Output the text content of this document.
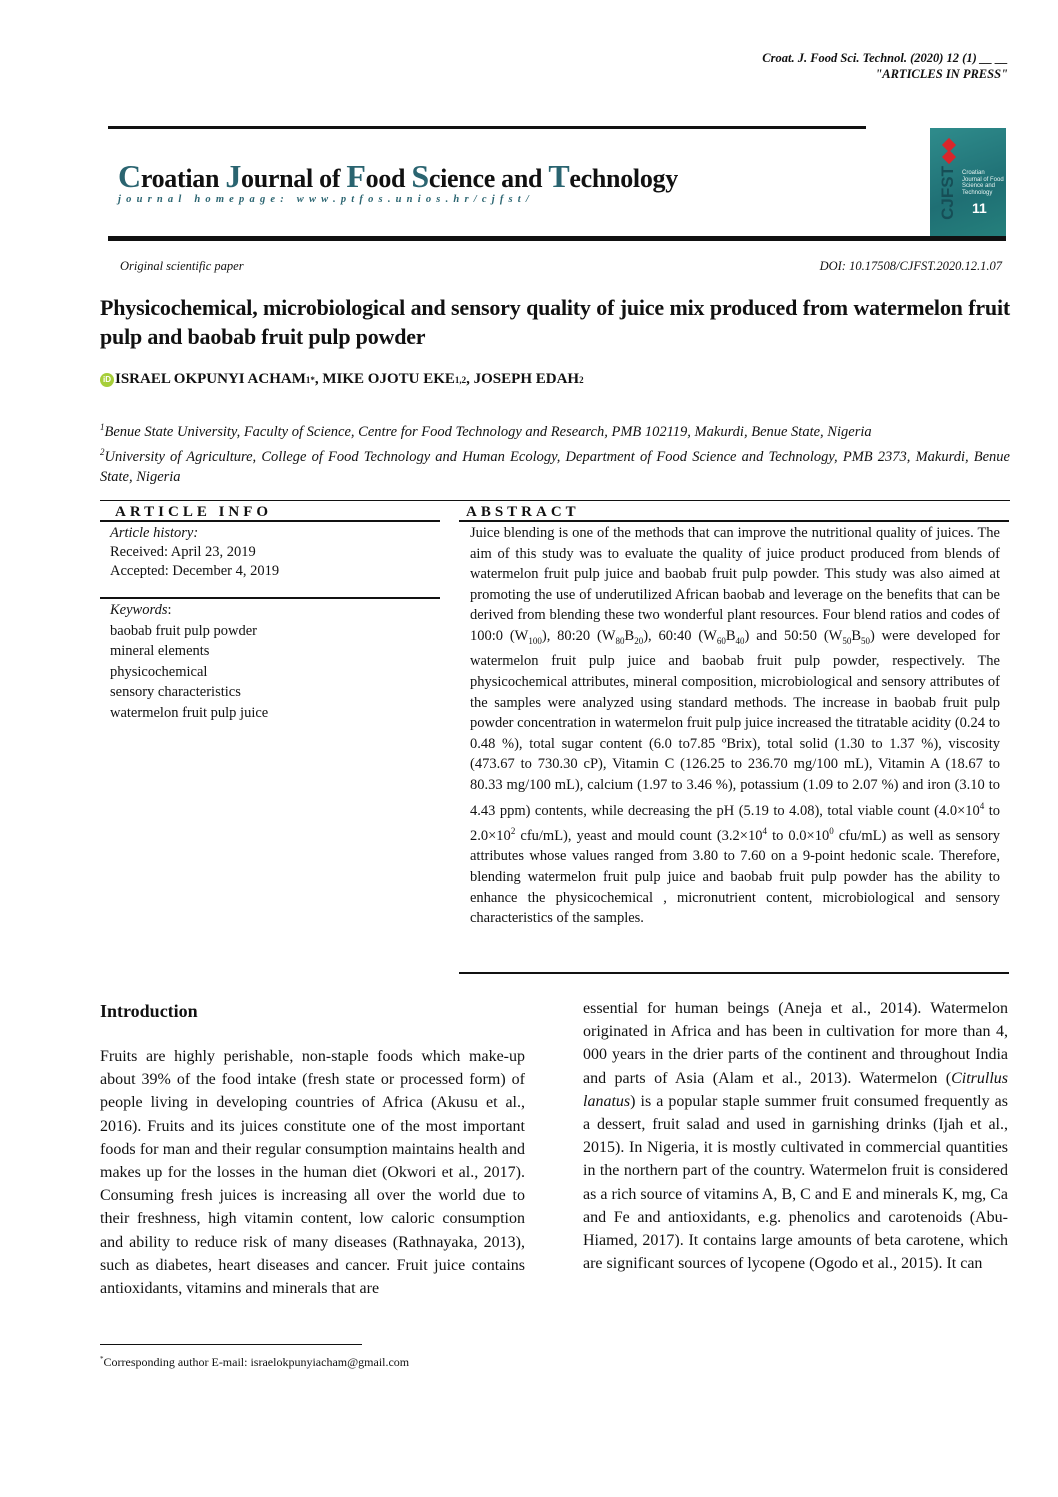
Croat. J. Food Sci. Technol. (2020) 12 (1) __ __
"ARTICLES IN PRESS"
Croatian Journal of Food Science and Technology
journal homepage: www.ptfos.unios.hr/cjfst/	CJFST Croatian Journal of Food Science and Technology
11
Original scientific paper	DOI: 10.17508/CJFST.2020.12.1.07
Physicochemical, microbiological and sensory quality of juice mix produced from watermelon fruit pulp and baobab fruit pulp powder
iD ISRAEL OKPUNYI ACHAM 1* , MIKE OJOTU EKE 1,2 , JOSEPH EDAH 2
$^1$Benue State University, Faculty of Science, Centre for Food Technology and Research, PMB 102119, Makurdi, Benue State, Nigeria
$^2$University of Agriculture, College of Food Technology and Human Ecology, Department of Food Science and Technology, PMB 2373, Makurdi, Benue State, Nigeria
ARTICLE INFO
Article history:
Received: April 23, 2019
Accepted: December 4, 2019
Keywords:
baobab fruit pulp powder
mineral elements
physicochemical
sensory characteristics
watermelon fruit pulp juice
ABSTRACT
Juice blending is one of the methods that can improve the nutritional quality of juices. The aim of this study was to evaluate the quality of juice product produced from blends of watermelon fruit pulp juice and baobab fruit pulp powder. This study was also aimed at promoting the use of underutilized African baobab and leverage on the benefits that can be derived from blending these two wonderful plant resources. Four blend ratios and codes of 100:0 $(W_{100})$, 80:20 $(W_{80}B_{20})$, 60:40 $(W_{60}B_{40})$ and 50:50 $(W_{50}B_{50})$ were developed for watermelon fruit pulp juice and baobab fruit pulp powder, respectively. The physicochemical attributes, mineral composition, microbiological and sensory attributes of the samples were analyzed using standard methods. The increase in baobab fruit pulp powder concentration in watermelon fruit pulp juice increased the titratable acidity (0.24 to 0.48 %), total sugar content (6.0 to7.85 ºBrix), total solid (1.30 to 1.37 %), viscosity (473.67 to 730.30 cP), Vitamin C (126.25 to 236.70 mg/100 mL), Vitamin A (18.67 to 80.33 mg/100 mL), calcium (1.97 to 3.46 %), potassium (1.09 to 2.07 %) and iron (3.10 to 4.43 ppm) contents, while decreasing the pH (5.19 to 4.08), total viable count ($4.0\times 10^4$ to $2.0\times 10^2$ cfu/mL), yeast and mould count ($3.2\times 10^4$ to $0.0\times 10^0$ cfu/mL) as well as sensory attributes whose values ranged from 3.80 to 7.60 on a 9-point hedonic scale. Therefore, blending watermelon fruit pulp juice and baobab fruit pulp powder has the ability to enhance the physicochemical , micronutrient content, microbiological and sensory characteristics of the samples.
Introduction

Fruits are highly perishable, non-staple foods which make-up about 39% of the food intake (fresh state or processed form) of people living in developing countries of Africa (Akusu et al., 2016). Fruits and its juices constitute one of the most important foods for man and their regular consumption maintains health and makes up for the losses in the human diet (Okwori et al., 2017). Consuming fresh juices is increasing all over the world due to their freshness, high vitamin content, low caloric consumption and ability to reduce risk of many diseases (Rathnayaka, 2013), such as diabetes, heart diseases and cancer. Fruit juice contains antioxidants, vitamins and minerals that are

essential for human beings (Aneja et al., 2014). Watermelon originated in Africa and has been in cultivation for more than 4, 000 years in the drier parts of the continent and throughout India and parts of Asia (Alam et al., 2013). Watermelon (Citrullus lanatus) is a popular staple summer fruit consumed frequently as a dessert, fruit salad and used in garnishing drinks (Ijah et al., 2015). In Nigeria, it is mostly cultivated in commercial quantities in the northern part of the country. Watermelon fruit is considered as a rich source of vitamins A, B, C and E and minerals K, mg, Ca and Fe and antioxidants, e.g. phenolics and carotenoids (Abu-Hiamed, 2017). It contains large amounts of beta carotene, which are significant sources of lycopene (Ogodo et al., 2015). It can

*Corresponding author E-mail: israelokpunyiacham@gmail.com
